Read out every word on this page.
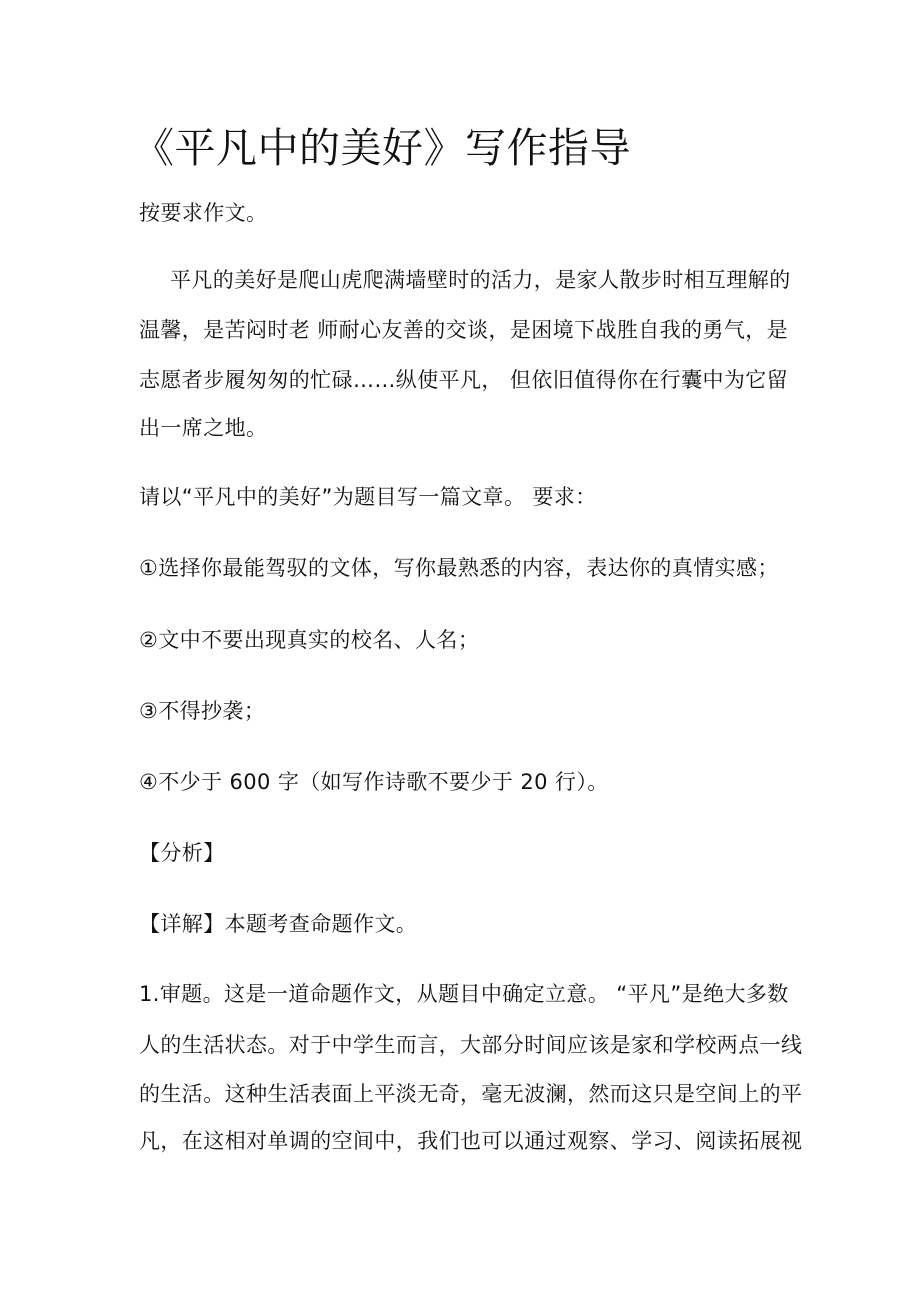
《平凡中的美好》写作指导
按要求作文。
平凡的美好是爬山虎爬满墙壁时的活力，是家人散步时相互理解的
温馨，是苦闷时老 师耐心友善的交谈，是困境下战胜自我的勇气，是
志愿者步履匆匆的忙碌……纵使平凡， 但依旧值得你在行囊中为它留
出一席之地。
请以“平凡中的美好”为题目写一篇文章。 要求：
①选择你最能驾驭的文体，写你最熟悉的内容，表达你的真情实感；
②文中不要出现真实的校名、人名；
③不得抄袭；
④不少于 600 字（如写作诗歌不要少于 20 行）。
【分析】
【详解】本题考查命题作文。
1.审题。这是一道命题作文，从题目中确定立意。 “平凡”是绝大多数
人的生活状态。对于中学生而言，大部分时间应该是家和学校两点一线
的生活。这种生活表面上平淡无奇，毫无波澜，然而这只是空间上的平
凡，在这相对单调的空间中，我们也可以通过观察、学习、阅读拓展视
